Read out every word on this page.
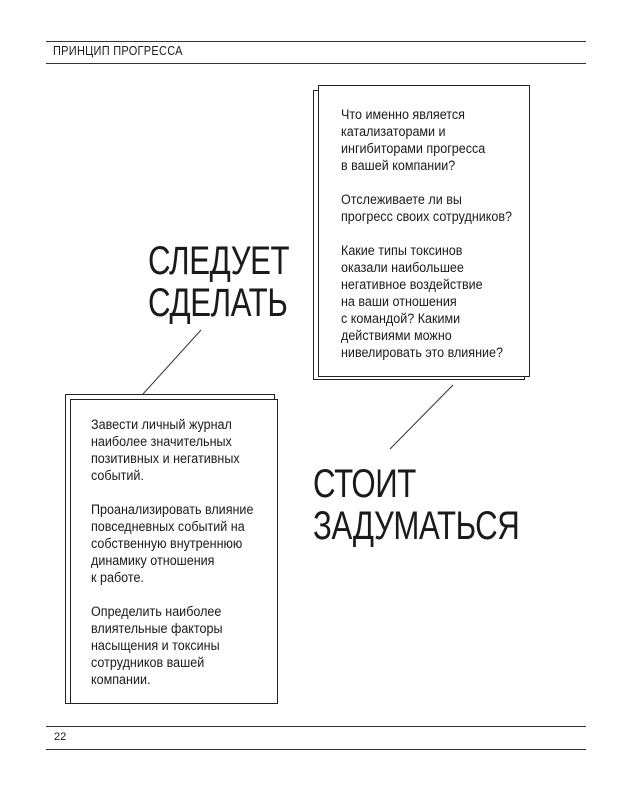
ПРИНЦИП ПРОГРЕССА

Что именно является
катализаторами и
ингибиторами прогресса
в вашей компании?

Отслеживаете ли вы
прогресс своих сотрудников?

Какие типы токсинов
оказали наибольшее
негативное воздействие
на ваши отношения
с командой? Какими
действиями можно
нивелировать это влияние?

СЛЕДУЕТ
СДЕЛАТЬ

Завести личный журнал
наиболее значительных
позитивных и негативных
событий.

Проанализировать влияние
повседневных событий на
собственную внутреннюю
динамику отношения
к работе.

Определить наиболее
влиятельные факторы
насыщения и токсины
сотрудников вашей
компании.

СТОИТ
ЗАДУМАТЬСЯ
22
